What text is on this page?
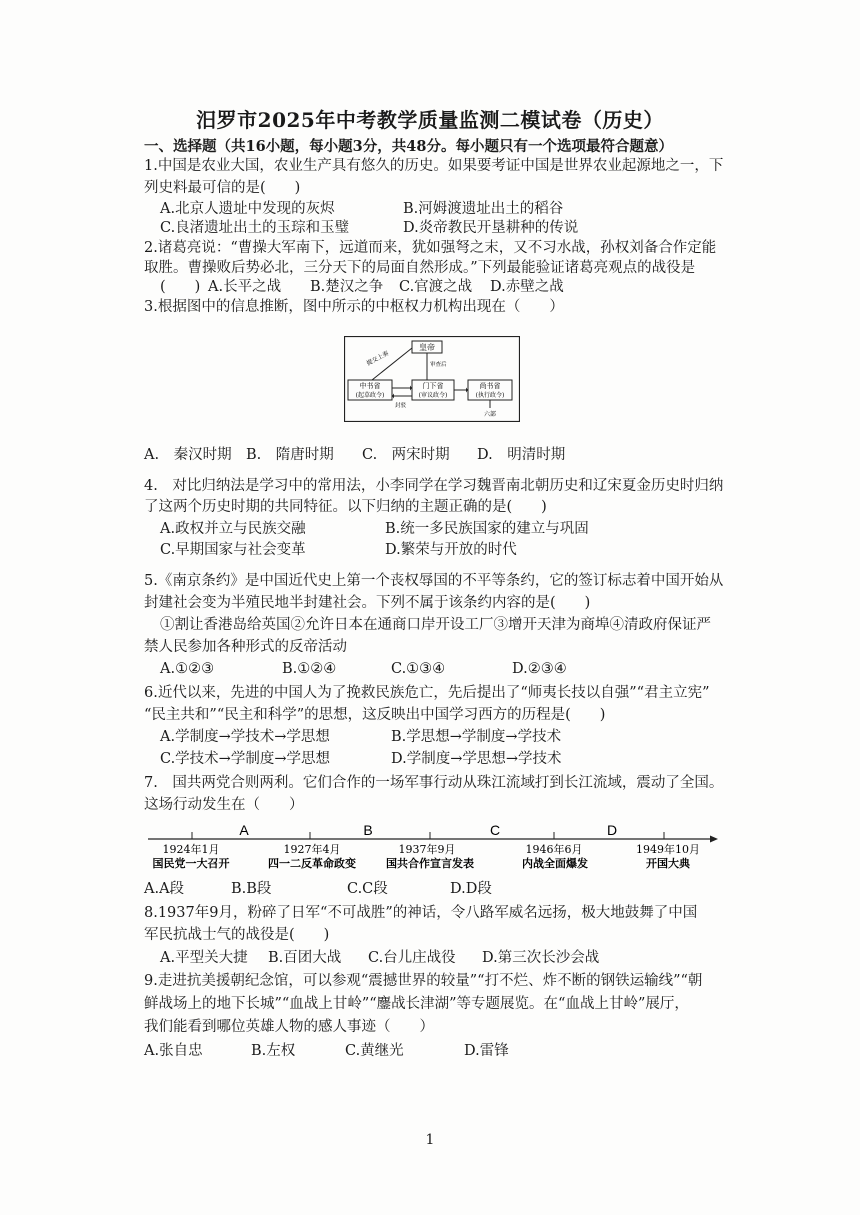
汨罗市2025年中考教学质量监测二模试卷（历史）
一、选择题（共16小题，每小题3分，共48分。每小题只有一个选项最符合题意）
1.中国是农业大国，农业生产具有悠久的历史。如果要考证中国是世界农业起源地之一，下
列史料最可信的是(　　)
A.北京人遗址中发现的灰烬	B.河姆渡遗址出土的稻谷
C.良渚遗址出土的玉琮和玉璧	D.炎帝教民开垦耕种的传说
2.诸葛亮说：“曹操大军南下，远道而来，犹如强弩之末，又不习水战，孙权刘备合作定能
取胜。曹操败后势必北，三分天下的局面自然形成。”下列最能验证诸葛亮观点的战役是
(　　) A.长平之战 B.楚汉之争 C.官渡之战 D.赤壁之战
3.根据图中的信息推断，图中所示的中枢权力机构出现在（　　）
皇帝
提交上奏	审查后
中书省
(起草政令)
门下省
(审议政令)
尚书省
(执行政令)
封驳
六部
A.　秦汉时期 B.　隋唐时期 C.　两宋时期 D.　明清时期
4.　对比归纳法是学习中的常用法，小李同学在学习魏晋南北朝历史和辽宋夏金历史时归纳
了这两个历史时期的共同特征。以下归纳的主题正确的是(　　)
A.政权并立与民族交融	B.统一多民族国家的建立与巩固
C.早期国家与社会变革	D.繁荣与开放的时代
5.《南京条约》是中国近代史上第一个丧权辱国的不平等条约，它的签订标志着中国开始从
封建社会变为半殖民地半封建社会。下列不属于该条约内容的是(　　)
①割让香港岛给英国②允许日本在通商口岸开设工厂③增开天津为商埠④清政府保证严
禁人民参加各种形式的反帝活动
A.①②③	B.①②④	C.①③④	D.②③④
6.近代以来，先进的中国人为了挽救民族危亡，先后提出了“师夷长技以自强”“君主立宪”
“民主共和”“民主和科学”的思想，这反映出中国学习西方的历程是(　　)
A.学制度→学技术→学思想	B.学思想→学制度→学技术
C.学技术→学制度→学思想	D.学制度→学思想→学技术
7.　国共两党合则两利。它们合作的一场军事行动从珠江流域打到长江流域，震动了全国。
这场行动发生在（　　）
A	B	C	D
1924年1月	1927年4月	1937年9月	1946年6月	1949年10月
国民党一大召开	四一二反革命政变	国共合作宣言发表	内战全面爆发	开国大典
A.A段	B.B段	C.C段	D.D段
8.1937年9月，粉碎了日军“不可战胜”的神话，令八路军威名远扬，极大地鼓舞了中国
军民抗战士气的战役是(　　)
A.平型关大捷 B.百团大战 C.台儿庄战役 D.第三次长沙会战
9.走进抗美援朝纪念馆，可以参观“震撼世界的较量”“打不烂、炸不断的钢铁运输线”“朝
鲜战场上的地下长城”“血战上甘岭”“鏖战长津湖”等专题展览。在“血战上甘岭”展厅，
我们能看到哪位英雄人物的感人事迹（　　）
A.张自忠	B.左权	C.黄继光	D.雷锋
1
